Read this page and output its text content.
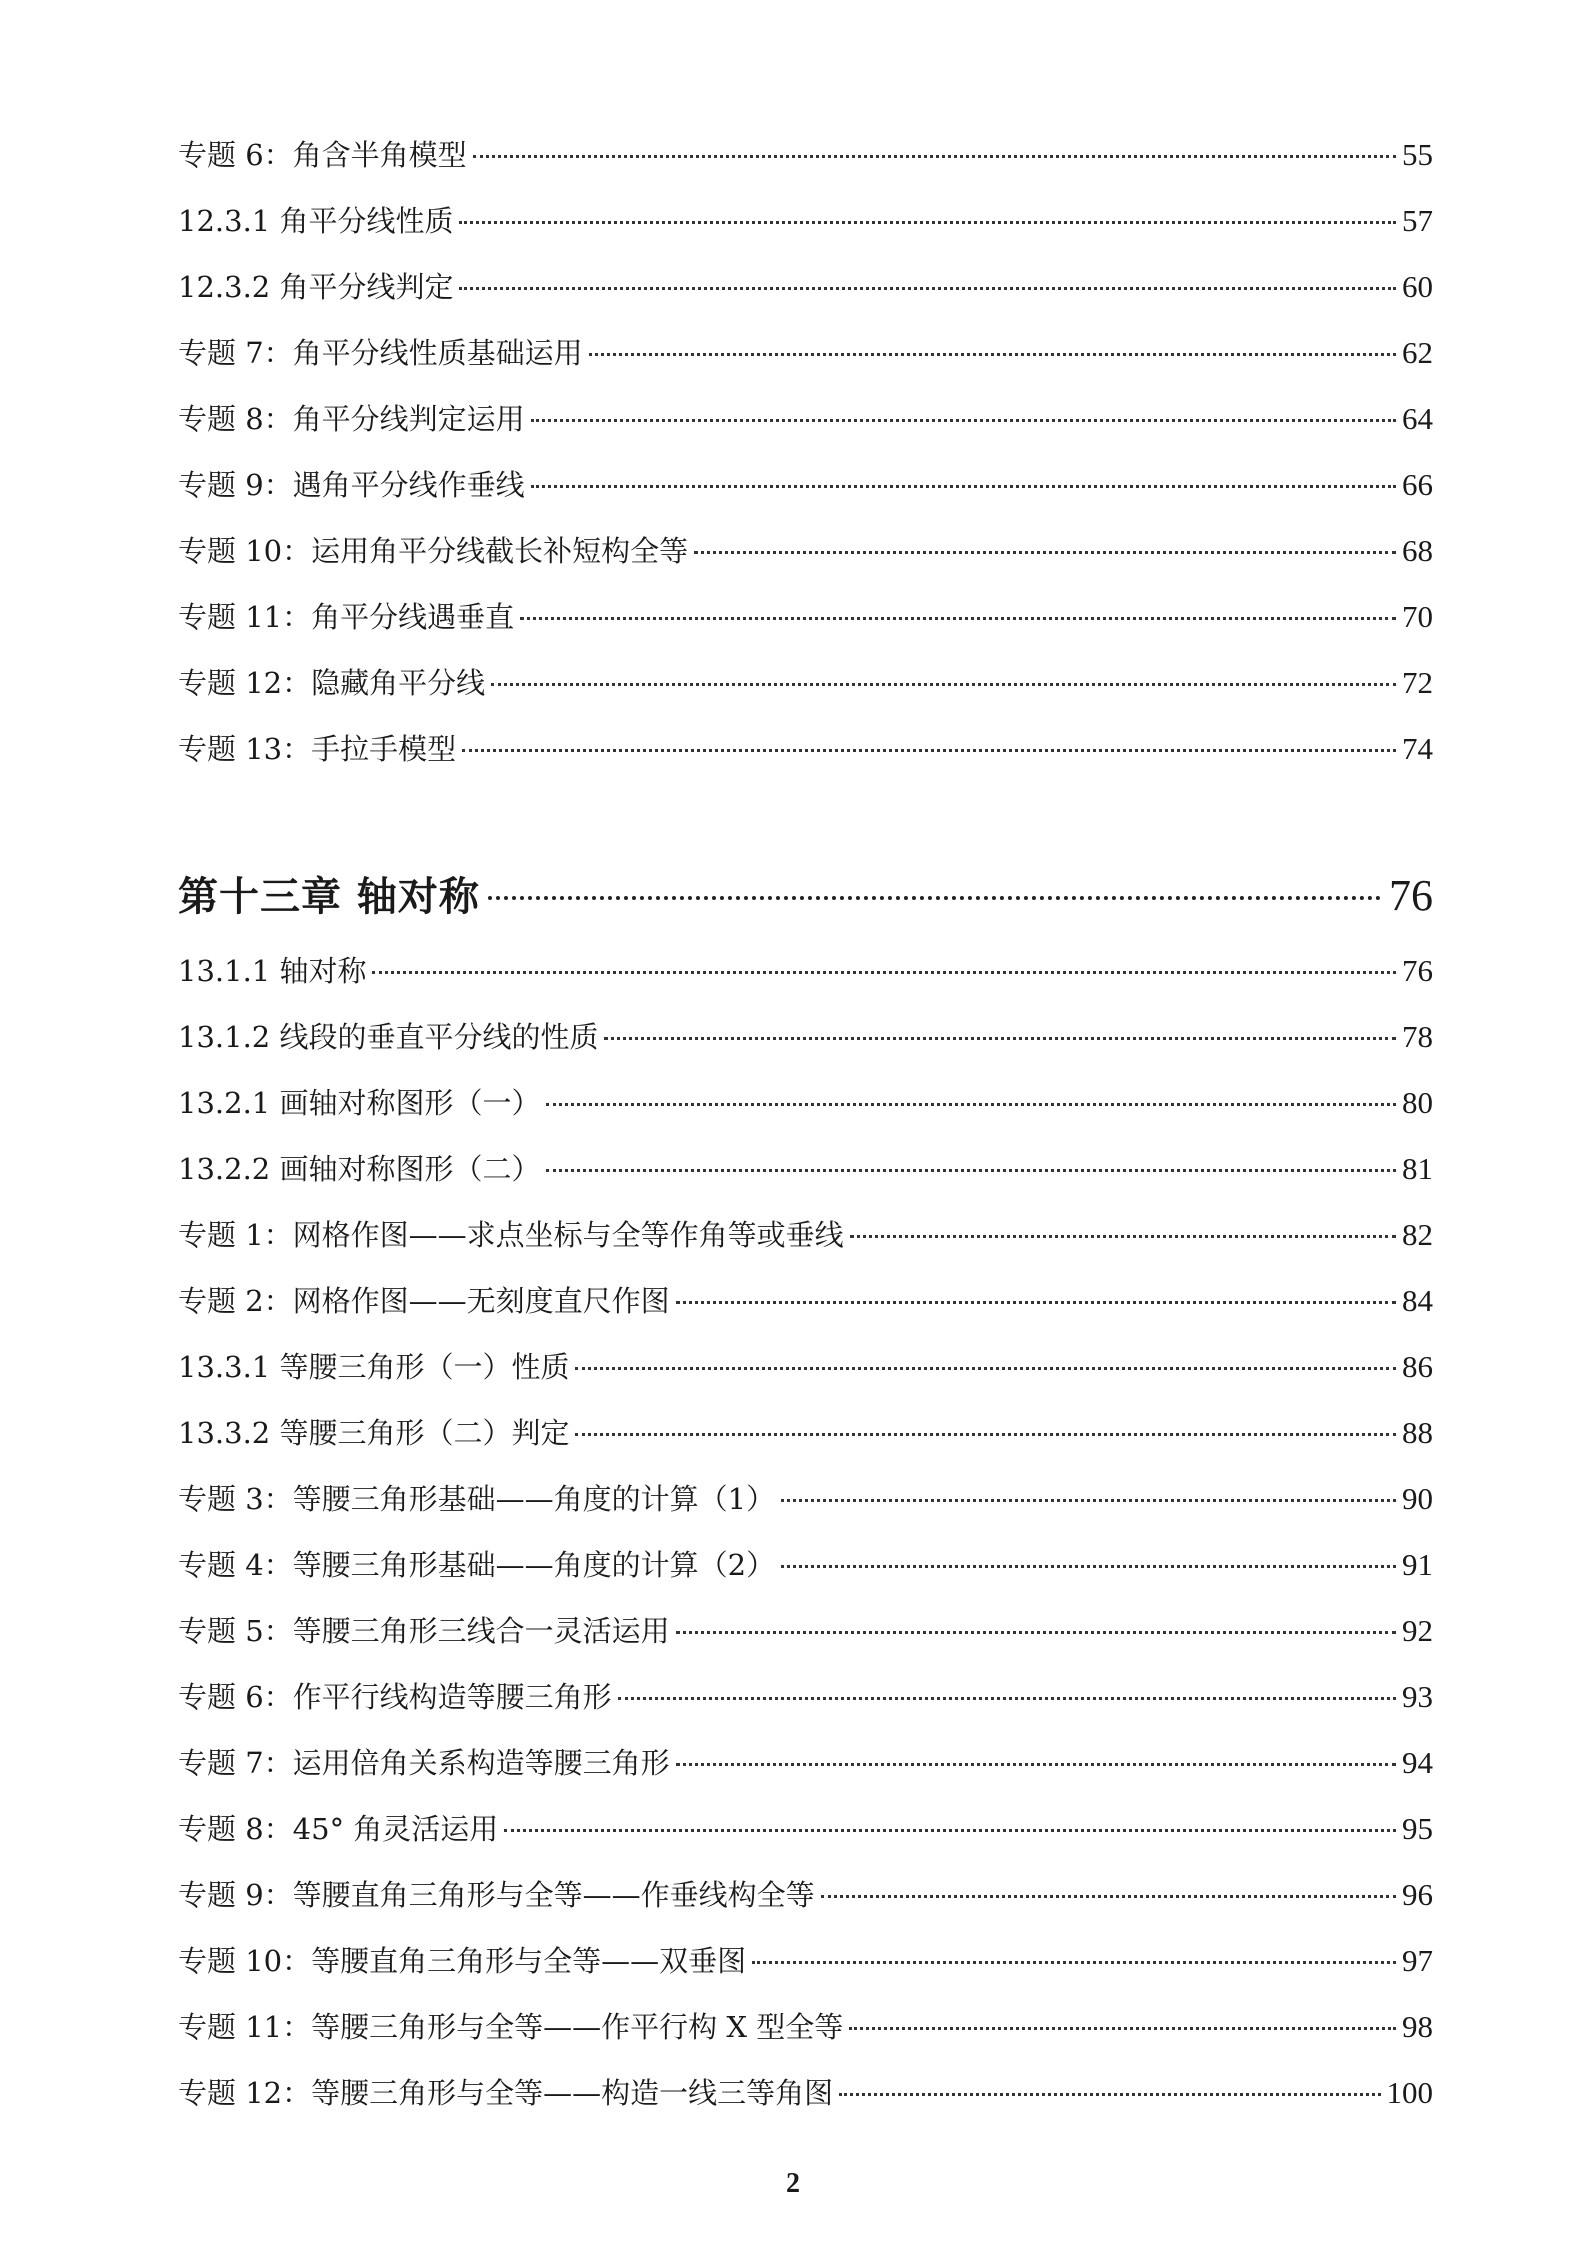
专题 6：角含半角模型	55
12.3.1 角平分线性质	57
12.3.2 角平分线判定	60
专题 7：角平分线性质基础运用	62
专题 8：角平分线判定运用	64
专题 9：遇角平分线作垂线	66
专题 10：运用角平分线截长补短构全等	68
专题 11：角平分线遇垂直	70
专题 12：隐藏角平分线	72
专题 13：手拉手模型	74
第十三章 轴对称	76
13.1.1 轴对称	76
13.1.2 线段的垂直平分线的性质	78
13.2.1 画轴对称图形（一）	80
13.2.2 画轴对称图形（二）	81
专题 1：网格作图——求点坐标与全等作角等或垂线	82
专题 2：网格作图——无刻度直尺作图	84
13.3.1 等腰三角形（一）性质	86
13.3.2 等腰三角形（二）判定	88
专题 3：等腰三角形基础——角度的计算（1）	90
专题 4：等腰三角形基础——角度的计算（2）	91
专题 5：等腰三角形三线合一灵活运用	92
专题 6：作平行线构造等腰三角形	93
专题 7：运用倍角关系构造等腰三角形	94
专题 8：45° 角灵活运用	95
专题 9：等腰直角三角形与全等——作垂线构全等	96
专题 10：等腰直角三角形与全等——双垂图	97
专题 11：等腰三角形与全等——作平行构 X 型全等	98
专题 12：等腰三角形与全等——构造一线三等角图	100
2
